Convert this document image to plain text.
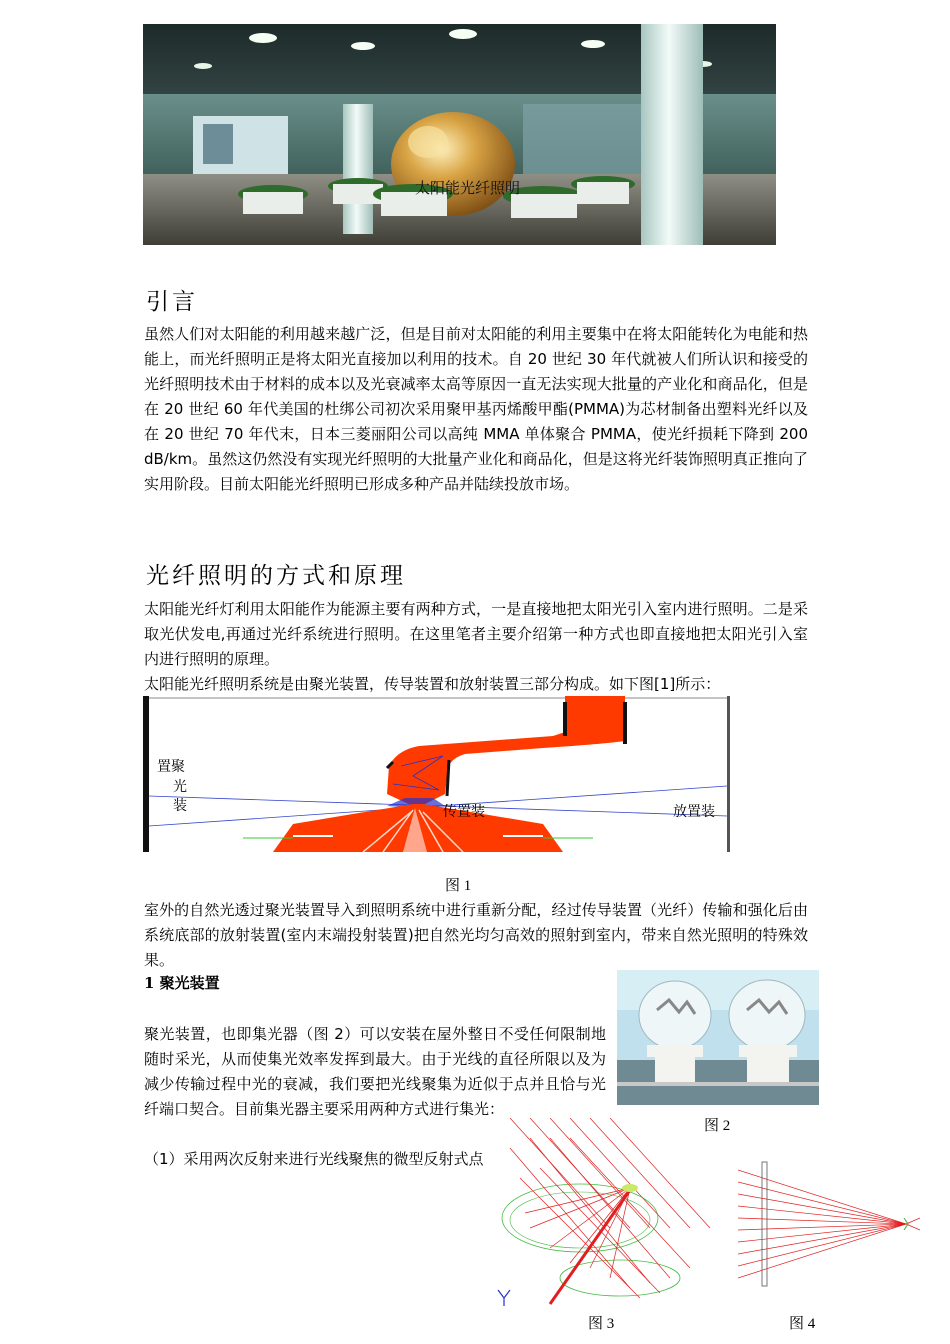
太阳能光纤照明
引言

虽然人们对太阳能的利用越来越广泛，但是目前对太阳能的利用主要集中在将太阳能转化为电能和热能上，而光纤照明正是将太阳光直接加以利用的技术。自 20 世纪 30 年代就被人们所认识和接受的光纤照明技术由于材料的成本以及光衰减率太高等原因一直无法实现大批量的产业化和商品化，但是在 20 世纪 60 年代美国的杜绑公司初次采用聚甲基丙烯酸甲酯(PMMA)为芯材制备出塑料光纤以及在 20 世纪 70 年代末，日本三菱丽阳公司以高纯 MMA 单体聚合 PMMA，使光纤损耗下降到 200 dB/km。虽然这仍然没有实现光纤照明的大批量产业化和商品化，但是这将光纤装饰照明真正推向了实用阶段。目前太阳能光纤照明已形成多种产品并陆续投放市场。

光纤照明的方式和原理

太阳能光纤灯利用太阳能作为能源主要有两种方式，一是直接地把太阳光引入室内进行照明。二是采取光伏发电,再通过光纤系统进行照明。在这里笔者主要介绍第一种方式也即直接地把太阳光引入室内进行照明的原理。

太阳能光纤照明系统是由聚光装置，传导装置和放射装置三部分构成。如下图[1]所示：

置聚
光
装	传置装	放置装
图 1

室外的自然光透过聚光装置导入到照明系统中进行重新分配，经过传导装置（光纤）传输和强化后由系统底部的放射装置(室内末端投射装置)把自然光均匀高效的照射到室内，带来自然光照明的特殊效果。

1 聚光装置

聚光装置，也即集光器（图 2）可以安装在屋外整日不受任何限制地随时采光，从而使集光效率发挥到最大。由于光线的直径所限以及为减少传输过程中光的衰减，我们要把光线聚集为近似于点并且恰与光纤端口契合。目前集光器主要采用两种方式进行集光：

（1）采用两次反射来进行光线聚焦的微型反射式点

图 2
图 3	图 4
